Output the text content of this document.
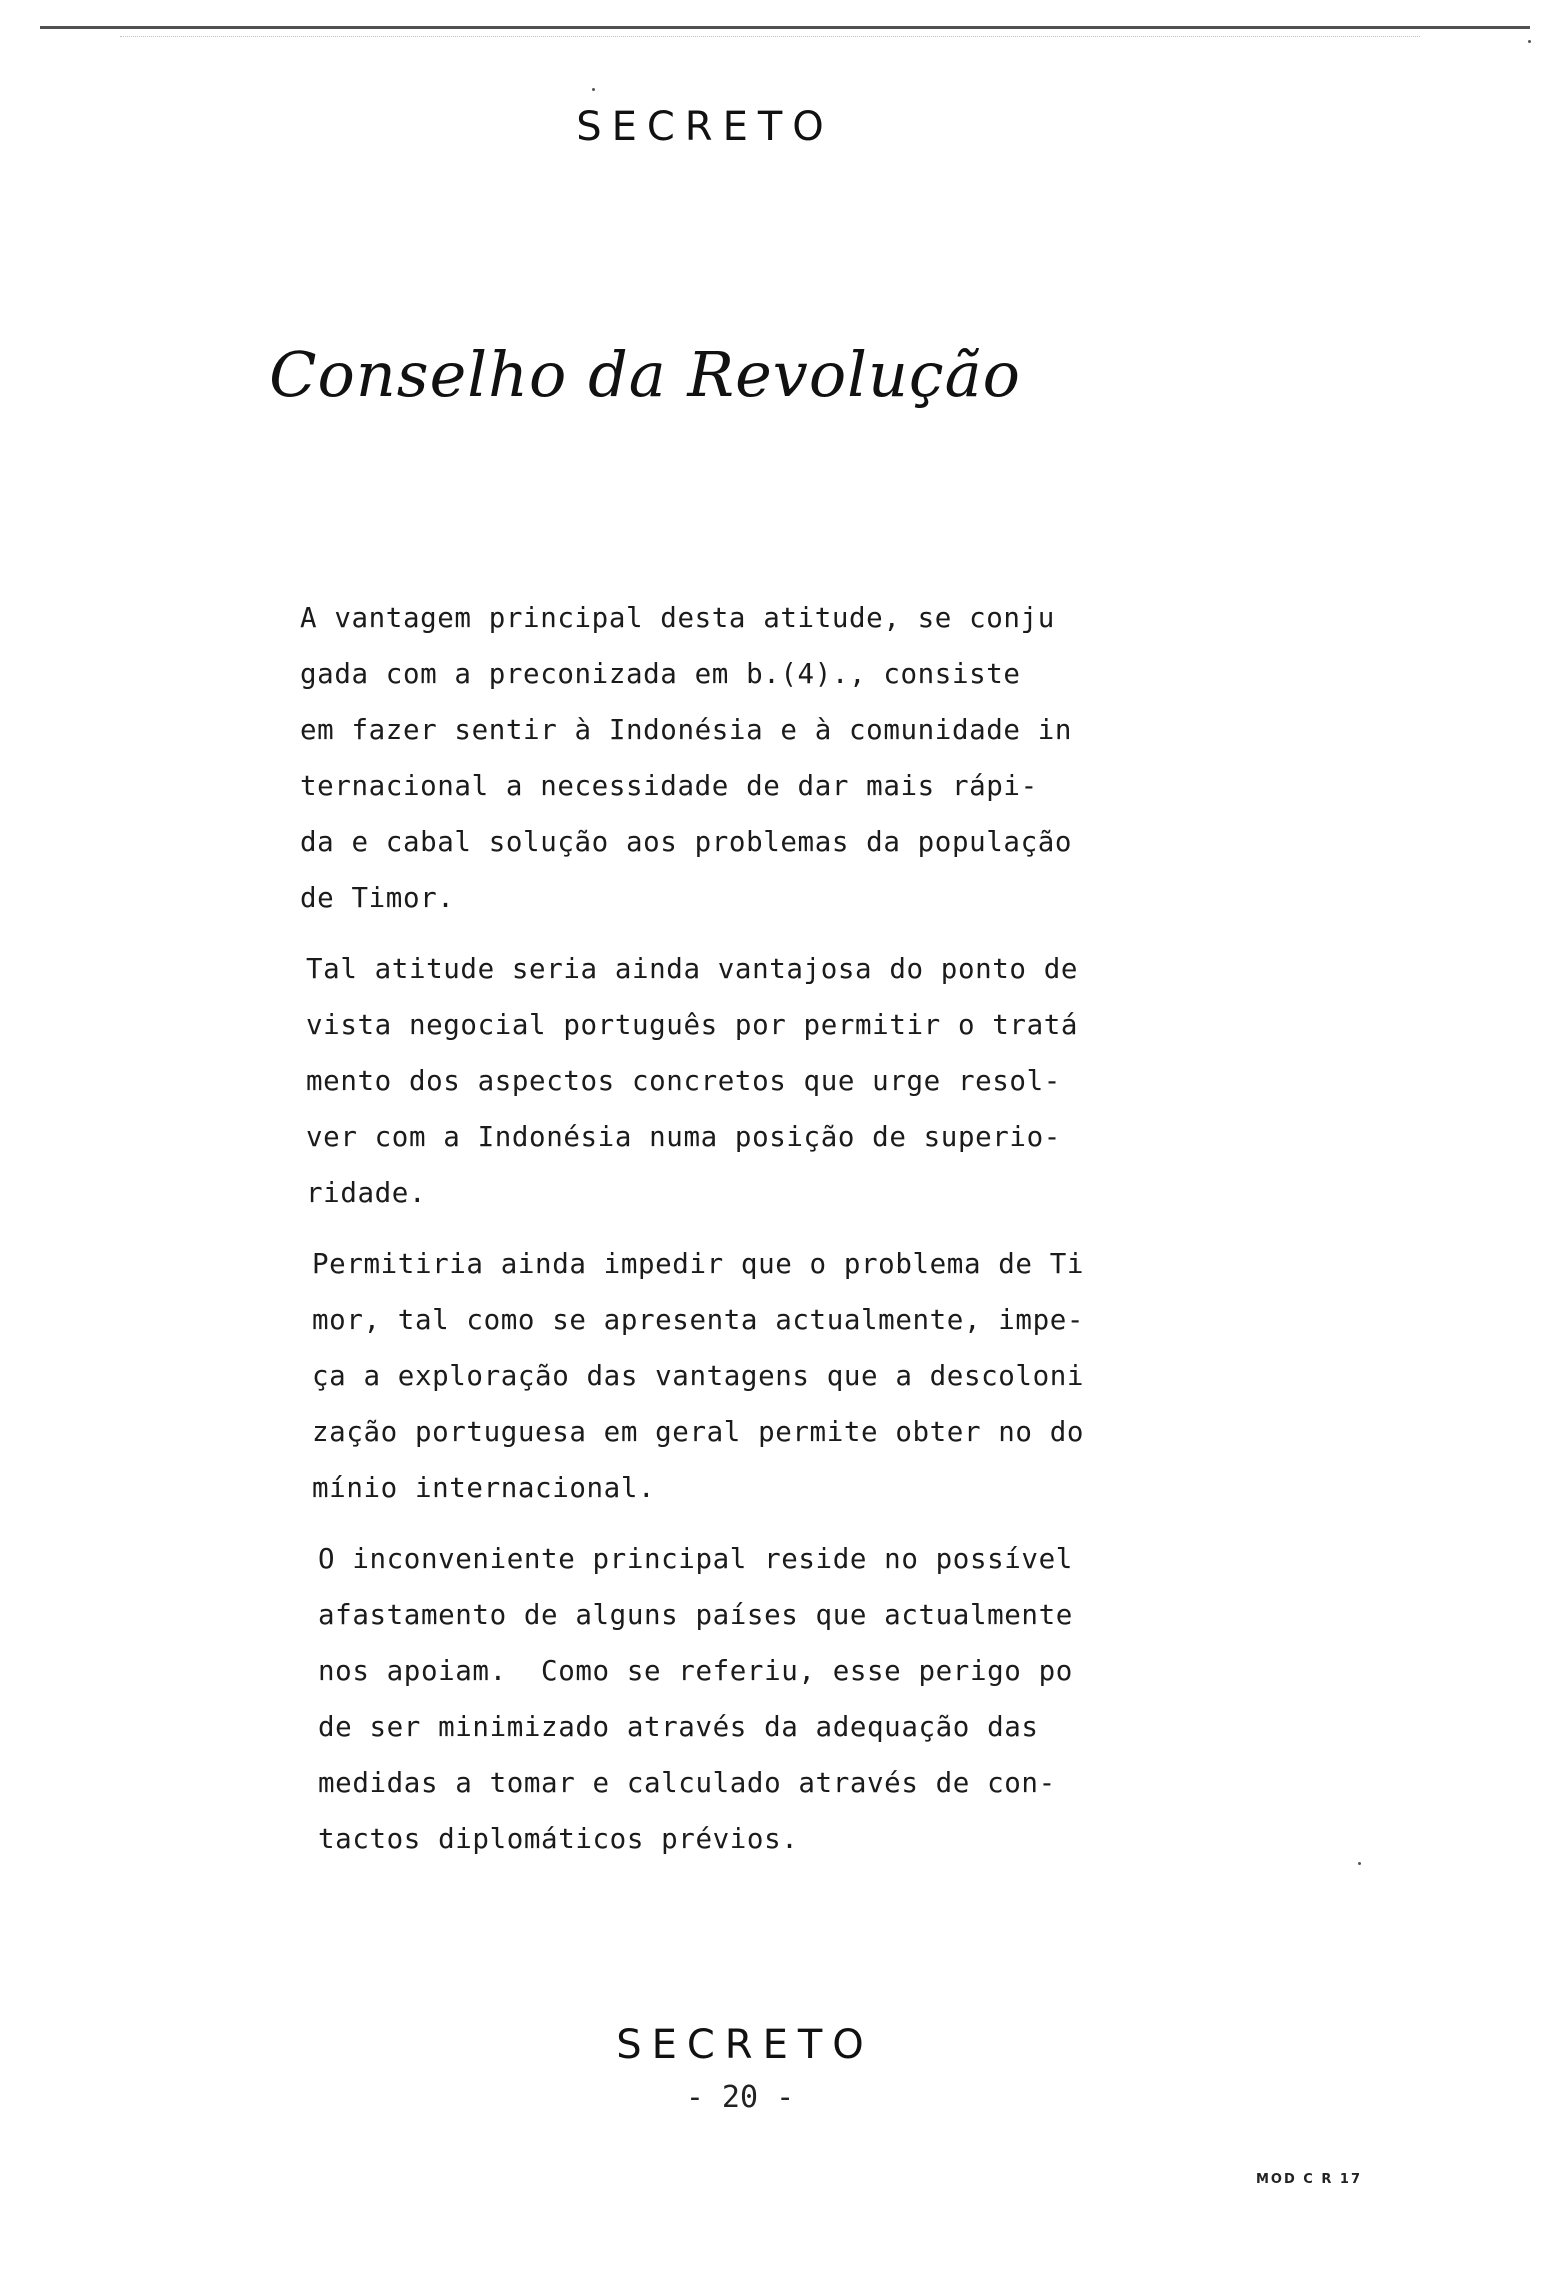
SECRETO
Conselho da Revolução
A vantagem principal desta atitude, se conju
gada com a preconizada em b.(4)., consiste
em fazer sentir à Indonésia e à comunidade in
ternacional a necessidade de dar mais rápi-
da e cabal solução aos problemas da população
de Timor.
Tal atitude seria ainda vantajosa do ponto de
vista negocial português por permitir o tratá
mento dos aspectos concretos que urge resol-
ver com a Indonésia numa posição de superio-
ridade.
Permitiria ainda impedir que o problema de Ti
mor, tal como se apresenta actualmente, impe-
ça a exploração das vantagens que a descoloni
zação portuguesa em geral permite obter no do
mínio internacional.
O inconveniente principal reside no possível
afastamento de alguns países que actualmente
nos apoiam.  Como se referiu, esse perigo po
de ser minimizado através da adequação das
medidas a tomar e calculado através de con-
tactos diplomáticos prévios.
SECRETO
- 20 -
MOD C R 17
